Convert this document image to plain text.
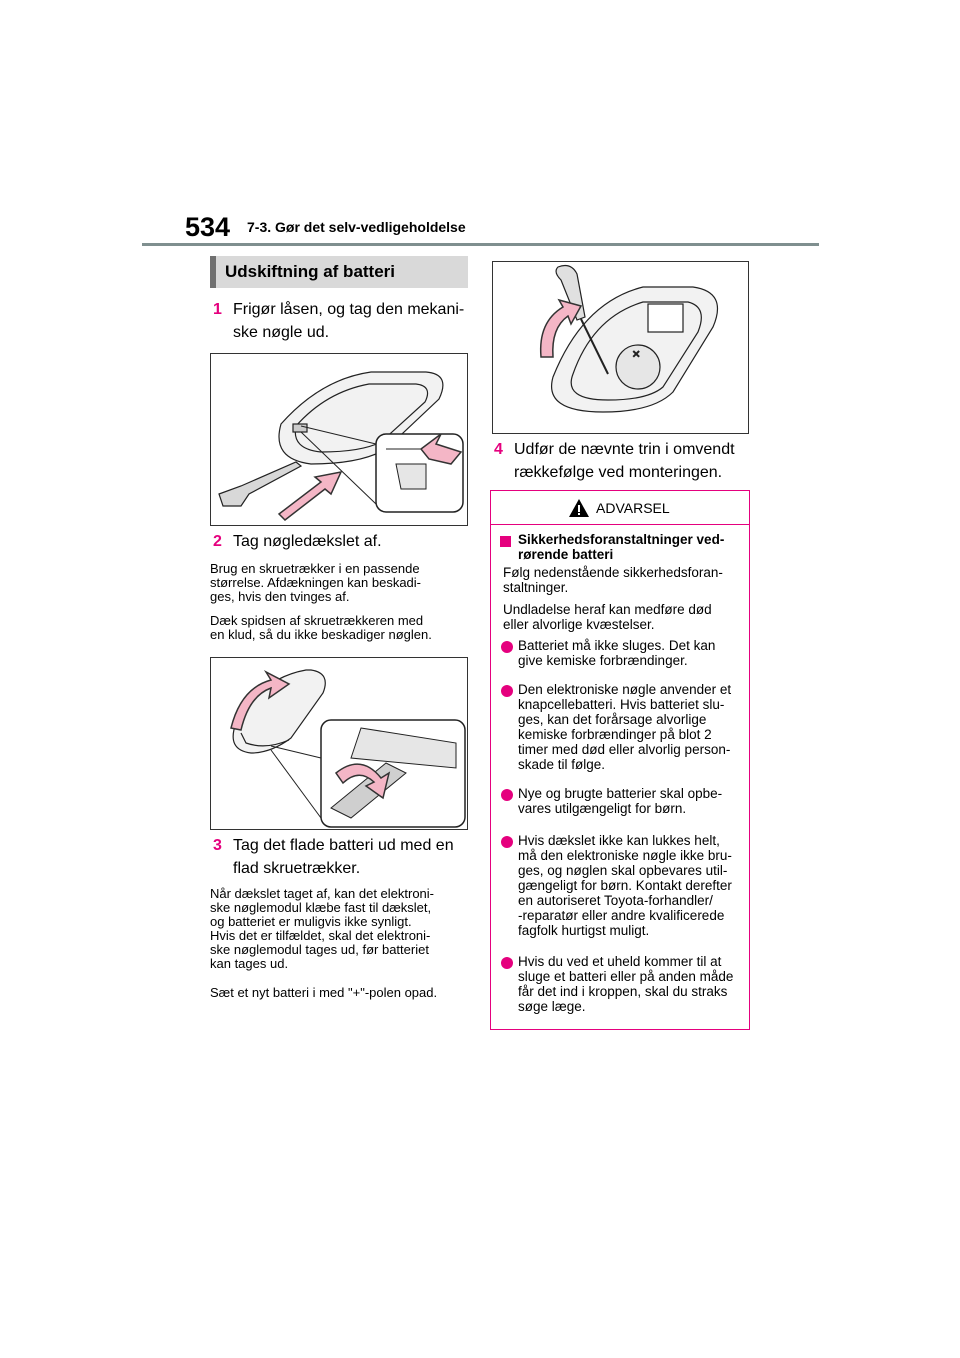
534 7-3. Gør det selv-vedligeholdelse
Udskiftning af batteri
1 Frigør låsen, og tag den mekani-
ske nøgle ud.
2 Tag nøgledækslet af.
Brug en skruetrækker i en passende
størrelse. Afdækningen kan beskadi-
ges, hvis den tvinges af.
Dæk spidsen af skruetrækkeren med
en klud, så du ikke beskadiger nøglen.
3 Tag det flade batteri ud med en
flad skruetrækker.
Når dækslet taget af, kan det elektroni-
ske nøglemodul klæbe fast til dækslet,
og batteriet er muligvis ikke synligt.
Hvis det er tilfældet, skal det elektroni-
ske nøglemodul tages ud, før batteriet
kan tages ud.
Sæt et nyt batteri i med "+"-polen opad.
×
4 Udfør de nævnte trin i omvendt
rækkefølge ved monteringen.
ADVARSEL
Sikkerhedsforanstaltninger ved-
rørende batteri
Følg nedenstående sikkerhedsforan-
staltninger.
Undladelse heraf kan medføre død
eller alvorlige kvæstelser.
Batteriet må ikke sluges. Det kan
give kemiske forbrændinger.
Den elektroniske nøgle anvender et
knapcellebatteri. Hvis batteriet slu-
ges, kan det forårsage alvorlige
kemiske forbrændinger på blot 2
timer med død eller alvorlig person-
skade til følge.
Nye og brugte batterier skal opbe-
vares utilgængeligt for børn.
Hvis dækslet ikke kan lukkes helt,
må den elektroniske nøgle ikke bru-
ges, og nøglen skal opbevares util-
gængeligt for børn. Kontakt derefter
en autoriseret Toyota-forhandler/
-reparatør eller andre kvalificerede
fagfolk hurtigst muligt.
Hvis du ved et uheld kommer til at
sluge et batteri eller på anden måde
får det ind i kroppen, skal du straks
søge læge.
